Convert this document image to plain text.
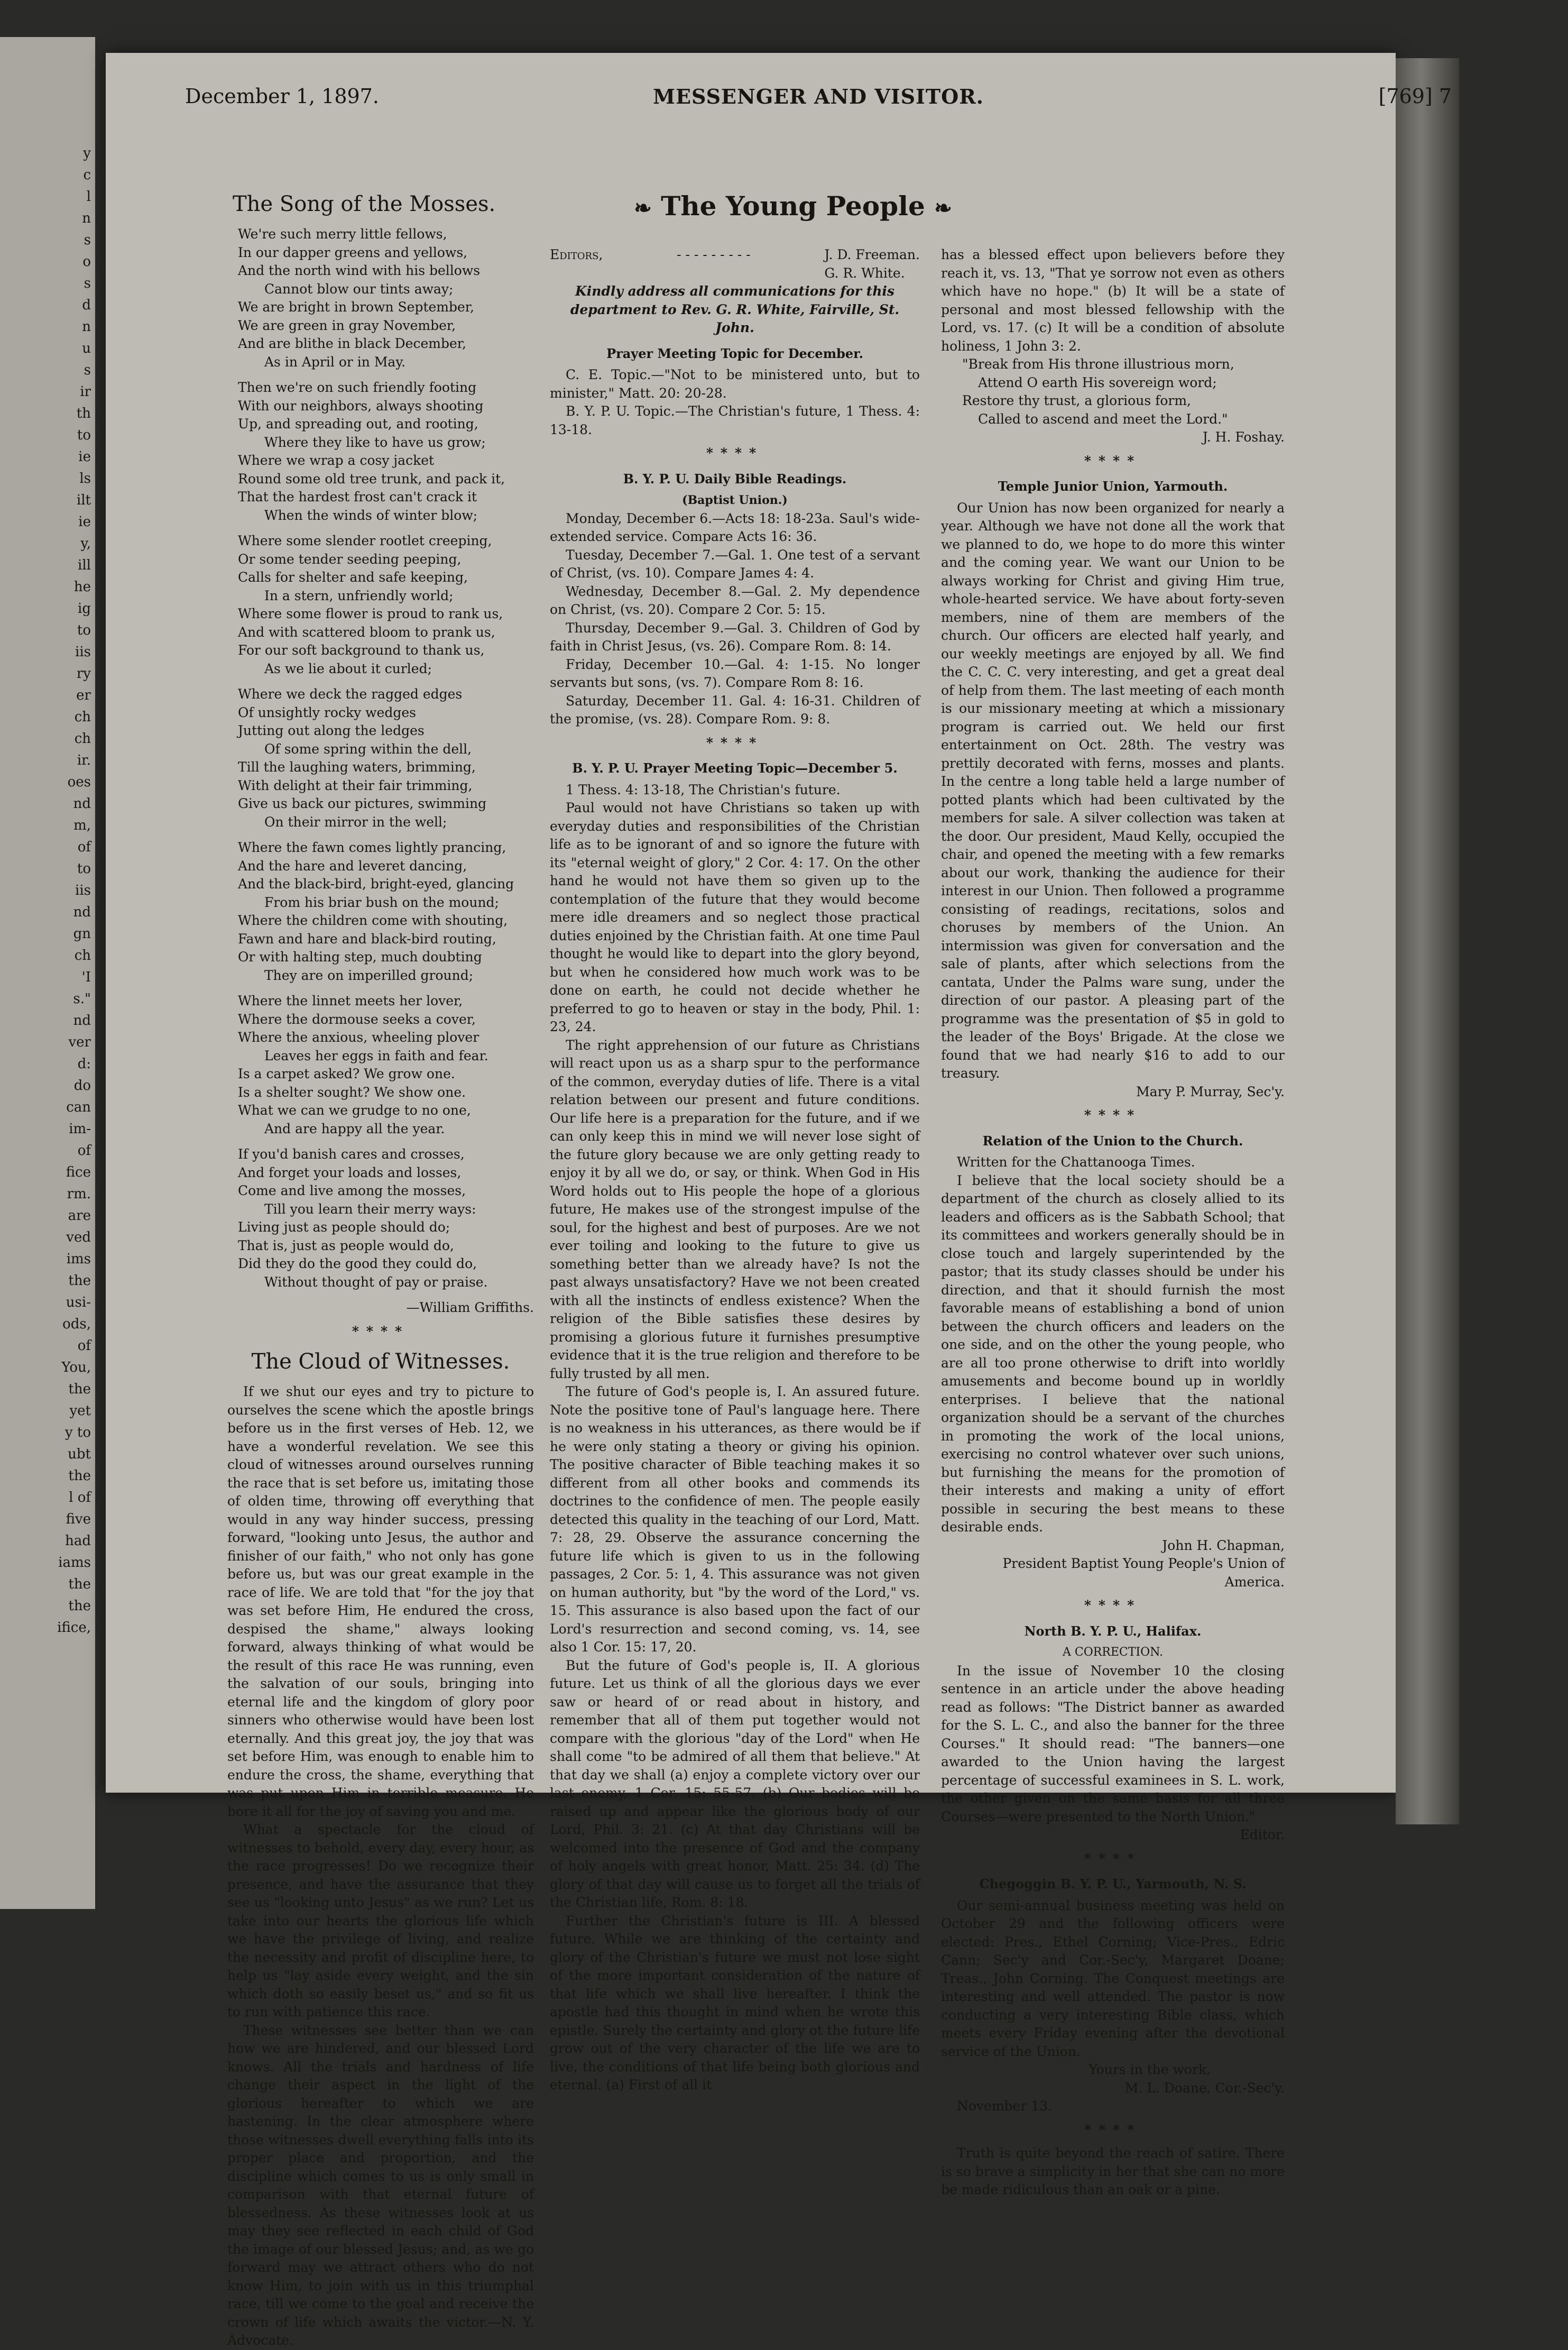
y
c
l
n
s
o
s
d
n
u
s
ir
th
to
ie
ls
ilt
ie
y,
ill
he
ig
to
iis
ry
er
ch
ch
ir.
oes
nd
m,
of
to
iis
nd
gn
ch
'I
s."
nd
ver
d:
do
can
im-
of
fice
rm.
are
ved
ims
the
usi-
ods,
of
You,
the
yet
y to
ubt
the
l of
five
had
iams
the
the
ifice,
December 1, 1897.	MESSENGER AND VISITOR.	[769] 7
The Song of the Mosses.
We're such merry little fellows,
In our dapper greens and yellows,
And the north wind with his bellows
Cannot blow our tints away;
We are bright in brown September,
We are green in gray November,
And are blithe in black December,
As in April or in May.
Then we're on such friendly footing
With our neighbors, always shooting
Up, and spreading out, and rooting,
Where they like to have us grow;
Where we wrap a cosy jacket
Round some old tree trunk, and pack it,
That the hardest frost can't crack it
When the winds of winter blow;
Where some slender rootlet creeping,
Or some tender seeding peeping,
Calls for shelter and safe keeping,
In a stern, unfriendly world;
Where some flower is proud to rank us,
And with scattered bloom to prank us,
For our soft background to thank us,
As we lie about it curled;
Where we deck the ragged edges
Of unsightly rocky wedges
Jutting out along the ledges
Of some spring within the dell,
Till the laughing waters, brimming,
With delight at their fair trimming,
Give us back our pictures, swimming
On their mirror in the well;
Where the fawn comes lightly prancing,
And the hare and leveret dancing,
And the black-bird, bright-eyed, glancing
From his briar bush on the mound;
Where the children come with shouting,
Fawn and hare and black-bird routing,
Or with halting step, much doubting
They are on imperilled ground;
Where the linnet meets her lover,
Where the dormouse seeks a cover,
Where the anxious, wheeling plover
Leaves her eggs in faith and fear.
Is a carpet asked? We grow one.
Is a shelter sought? We show one.
What we can we grudge to no one,
And are happy all the year.
If you'd banish cares and crosses,
And forget your loads and losses,
Come and live among the mosses,
Till you learn their merry ways:
Living just as people should do;
That is, just as people would do,
Did they do the good they could do,
Without thought of pay or praise.
—William Griffiths.
****
The Cloud of Witnesses.
If we shut our eyes and try to picture to ourselves the scene which the apostle brings before us in the first verses of Heb. 12, we have a wonderful revelation. We see this cloud of witnesses around ourselves running the race that is set before us, imitating those of olden time, throwing off everything that would in any way hinder success, pressing forward, "looking unto Jesus, the author and finisher of our faith," who not only has gone before us, but was our great example in the race of life. We are told that "for the joy that was set before Him, He endured the cross, despised the shame," always looking forward, always thinking of what would be the result of this race He was running, even the salvation of our souls, bringing into eternal life and the kingdom of glory poor sinners who otherwise would have been lost eternally. And this great joy, the joy that was set before Him, was enough to enable him to endure the cross, the shame, everything that was put upon Him in terrible measure. He bore it all for the joy of saving you and me.
What a spectacle for the cloud of witnesses to behold, every day, every hour, as the race progresses! Do we recognize their presence, and have the assurance that they see us "looking unto Jesus" as we run? Let us take into our hearts the glorious life which we have the privilege of living, and realize the necessity and profit of discipline here, to help us "lay aside every weight, and the sin which doth so easily beset us," and so fit us to run with patience this race.
These witnesses see better than we can how we are hindered, and our blessed Lord knows. All the trials and hardness of life change their aspect in the light of the glorious hereafter to which we are hastening. In the clear atmosphere where those witnesses dwell everything falls into its proper place and proportion, and the discipline which comes to us is only small in comparison with that eternal future of blessedness. As these witnesses look at us may they see reflected in each child of God the image of our blessed Jesus; and, as we go forward may we attract others who do not know Him, to join with us in this triumphal race, till we come to the goal and receive the crown of life which awaits the victor.—N. Y. Advocate.
❧ The Young People ❧
Editors,	- - - - - - - - -	J. D. Freeman.
G. R. White.
Kindly address all communications for this department to Rev. G. R. White, Fairville, St. John.
Prayer Meeting Topic for December.
C. E. Topic.—"Not to be ministered unto, but to minister," Matt. 20: 20-28.
B. Y. P. U. Topic.—The Christian's future, 1 Thess. 4: 13-18.
****
B. Y. P. U. Daily Bible Readings.
(Baptist Union.)
Monday, December 6.—Acts 18: 18-23a. Saul's wide-extended service. Compare Acts 16: 36.
Tuesday, December 7.—Gal. 1. One test of a servant of Christ, (vs. 10). Compare James 4: 4.
Wednesday, December 8.—Gal. 2. My dependence on Christ, (vs. 20). Compare 2 Cor. 5: 15.
Thursday, December 9.—Gal. 3. Children of God by faith in Christ Jesus, (vs. 26). Compare Rom. 8: 14.
Friday, December 10.—Gal. 4: 1-15. No longer servants but sons, (vs. 7). Compare Rom 8: 16.
Saturday, December 11. Gal. 4: 16-31. Children of the promise, (vs. 28). Compare Rom. 9: 8.
****
B. Y. P. U. Prayer Meeting Topic—December 5.
1 Thess. 4: 13-18, The Christian's future.
Paul would not have Christians so taken up with everyday duties and responsibilities of the Christian life as to be ignorant of and so ignore the future with its "eternal weight of glory," 2 Cor. 4: 17. On the other hand he would not have them so given up to the contemplation of the future that they would become mere idle dreamers and so neglect those practical duties enjoined by the Christian faith. At one time Paul thought he would like to depart into the glory beyond, but when he considered how much work was to be done on earth, he could not decide whether he preferred to go to heaven or stay in the body, Phil. 1: 23, 24.
The right apprehension of our future as Christians will react upon us as a sharp spur to the performance of the common, everyday duties of life. There is a vital relation between our present and future conditions. Our life here is a preparation for the future, and if we can only keep this in mind we will never lose sight of the future glory because we are only getting ready to enjoy it by all we do, or say, or think. When God in His Word holds out to His people the hope of a glorious future, He makes use of the strongest impulse of the soul, for the highest and best of purposes. Are we not ever toiling and looking to the future to give us something better than we already have? Is not the past always unsatisfactory? Have we not been created with all the instincts of endless existence? When the religion of the Bible satisfies these desires by promising a glorious future it furnishes presumptive evidence that it is the true religion and therefore to be fully trusted by all men.
The future of God's people is, I. An assured future. Note the positive tone of Paul's language here. There is no weakness in his utterances, as there would be if he were only stating a theory or giving his opinion. The positive character of Bible teaching makes it so different from all other books and commends its doctrines to the confidence of men. The people easily detected this quality in the teaching of our Lord, Matt. 7: 28, 29. Observe the assurance concerning the future life which is given to us in the following passages, 2 Cor. 5: 1, 4. This assurance was not given on human authority, but "by the word of the Lord," vs. 15. This assurance is also based upon the fact of our Lord's resurrection and second coming, vs. 14, see also 1 Cor. 15: 17, 20.
But the future of God's people is, II. A glorious future. Let us think of all the glorious days we ever saw or heard of or read about in history, and remember that all of them put together would not compare with the glorious "day of the Lord" when He shall come "to be admired of all them that believe." At that day we shall (a) enjoy a complete victory over our last enemy, 1 Cor. 15: 55-57. (b) Our bodies will be raised up and appear like the glorious body of our Lord, Phil. 3: 21. (c) At that day Christians will be welcomed into the presence of God and the company of holy angels with great honor, Matt. 25: 34. (d) The glory of that day will cause us to forget all the trials of the Christian life, Rom. 8: 18.
Further the Christian's future is III. A blessed future. While we are thinking of the certainty and glory of the Christian's future we must not lose sight of the more important consideration of the nature of that life which we shall live hereafter. I think the apostle had this thought in mind when he wrote this epistle. Surely the certainty and glory ot the future life grow out of the very character of the life we are to live, the conditions of that life being both glorious and eternal. (a) First of all it
has a blessed effect upon believers before they reach it, vs. 13, "That ye sorrow not even as others which have no hope." (b) It will be a state of personal and most blessed fellowship with the Lord, vs. 17. (c) It will be a condition of absolute holiness, 1 John 3: 2.
"Break from His throne illustrious morn,
Attend O earth His sovereign word;
Restore thy trust, a glorious form,
Called to ascend and meet the Lord."
J. H. Foshay.
****
Temple Junior Union, Yarmouth.
Our Union has now been organized for nearly a year. Although we have not done all the work that we planned to do, we hope to do more this winter and the coming year. We want our Union to be always working for Christ and giving Him true, whole-hearted service. We have about forty-seven members, nine of them are members of the church. Our officers are elected half yearly, and our weekly meetings are enjoyed by all. We find the C. C. C. very interesting, and get a great deal of help from them. The last meeting of each month is our missionary meeting at which a missionary program is carried out. We held our first entertainment on Oct. 28th. The vestry was prettily decorated with ferns, mosses and plants. In the centre a long table held a large number of potted plants which had been cultivated by the members for sale. A silver collection was taken at the door. Our president, Maud Kelly, occupied the chair, and opened the meeting with a few remarks about our work, thanking the audience for their interest in our Union. Then followed a programme consisting of readings, recitations, solos and choruses by members of the Union. An intermission was given for conversation and the sale of plants, after which selections from the cantata, Under the Palms ware sung, under the direction of our pastor. A pleasing part of the programme was the presentation of $5 in gold to the leader of the Boys' Brigade. At the close we found that we had nearly $16 to add to our treasury.
Mary P. Murray, Sec'y.
****
Relation of the Union to the Church.
Written for the Chattanooga Times.
I believe that the local society should be a department of the church as closely allied to its leaders and officers as is the Sabbath School; that its committees and workers generally should be in close touch and largely superintended by the pastor; that its study classes should be under his direction, and that it should furnish the most favorable means of establishing a bond of union between the church officers and leaders on the one side, and on the other the young people, who are all too prone otherwise to drift into worldly amusements and become bound up in worldly enterprises. I believe that the national organization should be a servant of the churches in promoting the work of the local unions, exercising no control whatever over such unions, but furnishing the means for the promotion of their interests and making a unity of effort possible in securing the best means to these desirable ends.
John H. Chapman,
President Baptist Young People's Union of America.
****
North B. Y. P. U., Halifax.
A CORRECTION.
In the issue of November 10 the closing sentence in an article under the above heading read as follows: "The District banner as awarded for the S. L. C., and also the banner for the three Courses." It should read: "The banners—one awarded to the Union having the largest percentage of successful examinees in S. L. work, the other given on the same basis for all three Courses—were presented to the North Union."
Editor.
****
Chegoggin B. Y. P. U., Yarmouth, N. S.
Our semi-annual business meeting was held on October 29 and the following officers were elected: Pres., Ethel Corning; Vice-Pres., Edric Cann; Sec'y and Cor.-Sec'y, Margaret Doane; Treas., John Corning. The Conquest meetings are interesting and well attended. The pastor is now conducting a very interesting Bible class, which meets every Friday evening after the devotional service of the Union.
Yours in the work,
M. L. Doane, Cor.-Sec'y.
November 13.
****
Truth is quite beyond the reach of satire. There is so brave a simplicity in her that she can no more be made ridiculous than an oak or a pine.
